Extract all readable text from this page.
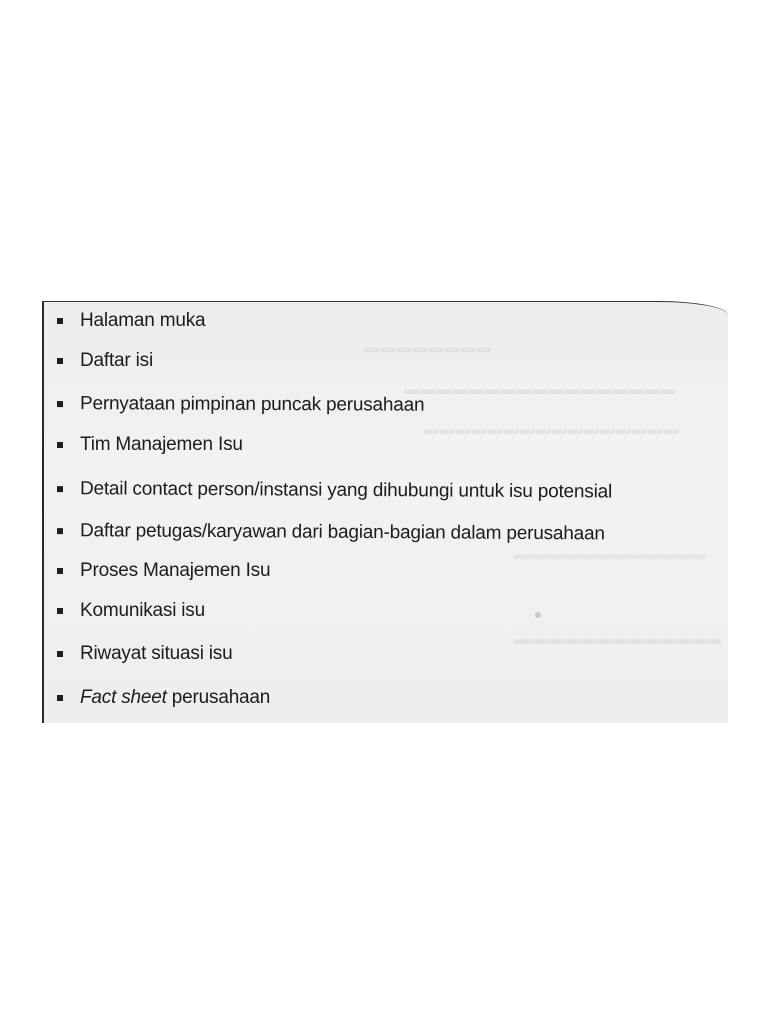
▬▬▬▬▬▬▬▬
▬▬▬▬▬▬▬▬▬▬▬▬▬▬▬▬▬
▬▬▬▬▬▬▬▬▬▬▬▬▬▬▬▬
▬▬▬▬▬▬▬▬▬▬▬▬
▬▬▬▬▬▬▬▬▬▬▬▬▬
Halaman muka
Daftar isi
Pernyataan pimpinan puncak perusahaan
Tim Manajemen Isu
Detail contact person/instansi yang dihubungi untuk isu potensial
Daftar petugas/karyawan dari bagian-bagian dalam perusahaan
Proses Manajemen Isu
Komunikasi isu
Riwayat situasi isu
Fact sheet perusahaan
